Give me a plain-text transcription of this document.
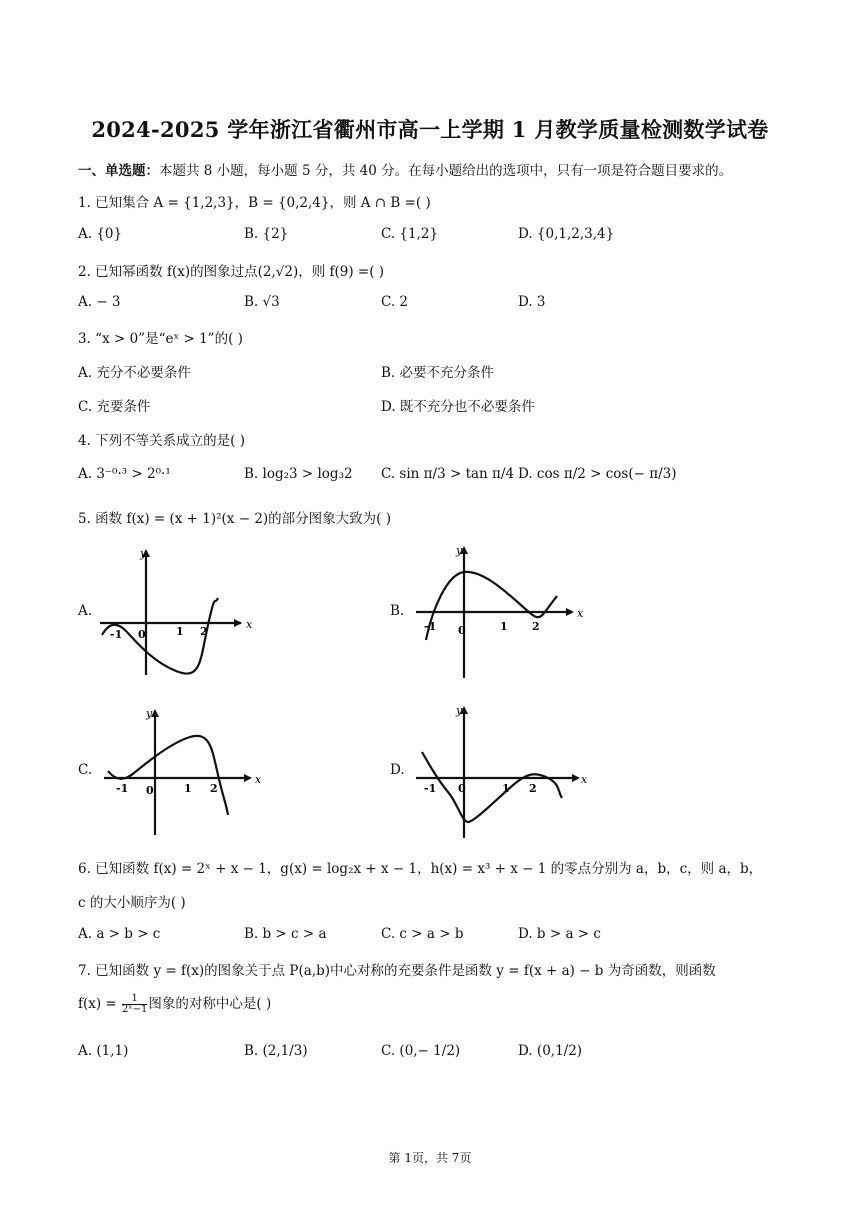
2024-2025 学年浙江省衢州市高一上学期 1 月教学质量检测数学试卷
一、单选题：本题共 8 小题，每小题 5 分，共 40 分。在每小题给出的选项中，只有一项是符合题目要求的。
1. 已知集合 A = {1,2,3}，B = {0,2,4}，则 A ∩ B =( )
A. {0}	B. {2}	C. {1,2}	D. {0,1,2,3,4}
2. 已知幂函数 f(x)的图象过点(2,√2)，则 f(9) =( )
A. − 3	B. √3	C. 2	D. 3
3. “x > 0”是“eˣ > 1”的( )
A. 充分不必要条件	B. 必要不充分条件
C. 充要条件	D. 既不充分也不必要条件
4. 下列不等关系成立的是( )
A. 3⁻⁰·³ > 2⁰·¹	B. log₂3 > log₃2 C. sin π/3 > tan π/4 D. cos π/2 > cos(− π/3)
5. 函数 f(x) = (x + 1)²(x − 2)的部分图象大致为( )
A.	B.
C.	D.
x
y
-1 0	1 2
x
y
-1 0	1 2
x
y
-1 0	1 2
x
y
-1 0	1 2
6. 已知函数 f(x) = 2ˣ + x − 1，g(x) = log₂x + x − 1，h(x) = x³ + x − 1 的零点分别为 a，b，c，则 a，b，
c 的大小顺序为( )
A. a > b > c	B. b > c > a	C. c > a > b	D. b > a > c
7. 已知函数 y = f(x)的图象关于点 P(a,b)中心对称的充要条件是函数 y = f(x + a) − b 为奇函数，则函数
$f(x) = \frac{1}{\text{2ˣ−1}}$ 图象的对称中心是( )
A. (1,1)	B. (2,1/3)	C. (0,− 1/2)	D. (0,1/2)
第 1页，共 7页
